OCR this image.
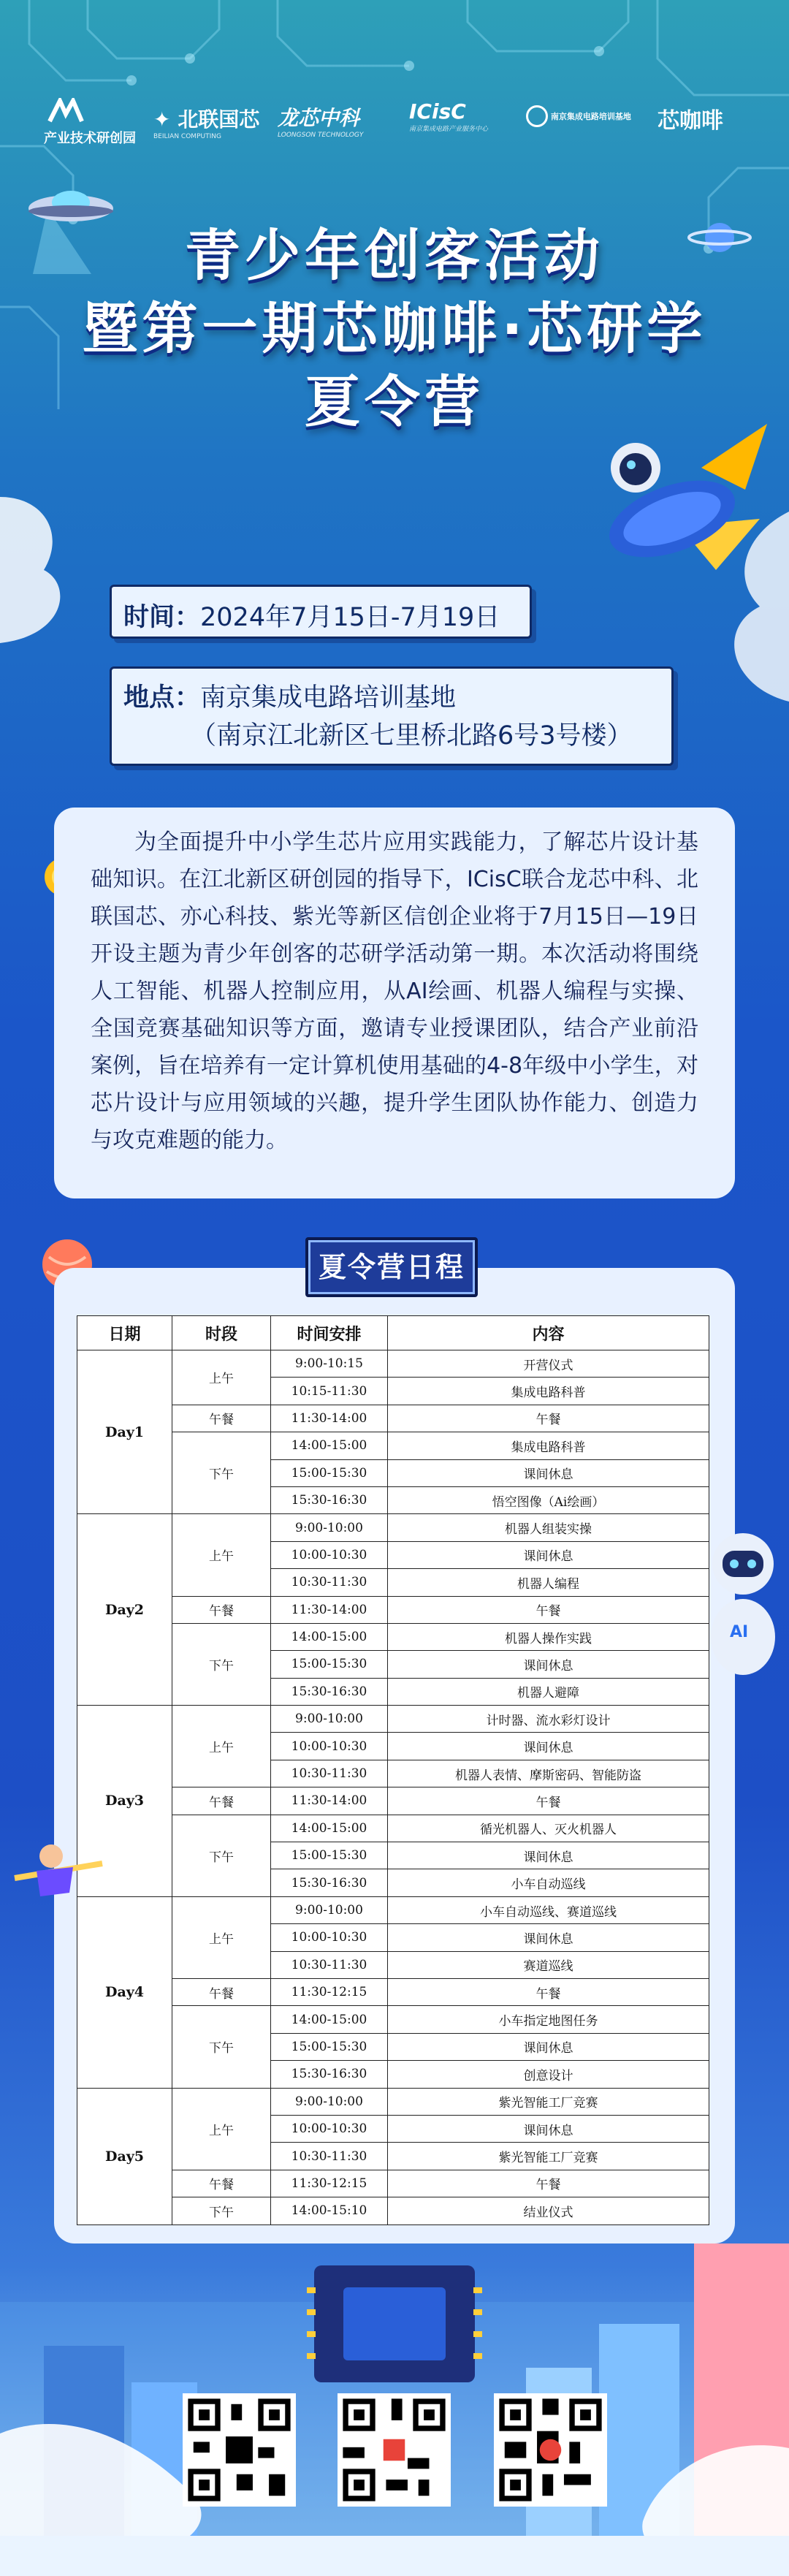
产业技术研创园
✦ 北联国芯
BEILIAN COMPUTING
龙芯中科
LOONGSON TECHNOLOGY
ICisC
南京集成电路产业服务中心
南京集成电路培训基地 芯咖啡
青少年创客活动
暨第一期芯咖啡·芯研学
夏令营
时间：2024年7月15日-7月19日
地点：南京集成电路培训基地
（南京江北新区七里桥北路6号3号楼）

为全面提升中小学生芯片应用实践能力，了解芯片设计基础知识。在江北新区研创园的指导下，ICisC联合龙芯中科、北联国芯、亦心科技、紫光等新区信创企业将于7月15日—19日开设主题为青少年创客的芯研学活动第一期。本次活动将围绕人工智能、机器人控制应用，从AI绘画、机器人编程与实操、全国竞赛基础知识等方面，邀请专业授课团队，结合产业前沿案例，旨在培养有一定计算机使用基础的4-8年级中小学生，对芯片设计与应用领域的兴趣，提升学生团队协作能力、创造力与攻克难题的能力。

夏令营日程
日期	时段	时间安排	内容
Day1	上午	9:00-10:15	开营仪式
		10:15-11:30	集成电路科普
	午餐	11:30-14:00	午餐
	下午	14:00-15:00	集成电路科普
		15:00-15:30	课间休息
		15:30-16:30	悟空图像（Ai绘画）
Day2	上午	9:00-10:00	机器人组装实操
		10:00-10:30	课间休息
		10:30-11:30	机器人编程
	午餐	11:30-14:00	午餐
	下午	14:00-15:00	机器人操作实践
		15:00-15:30	课间休息
		15:30-16:30	机器人避障
Day3	上午	9:00-10:00	计时器、流水彩灯设计
		10:00-10:30	课间休息
		10:30-11:30	机器人表情、摩斯密码、智能防盗
	午餐	11:30-14:00	午餐
	下午	14:00-15:00	循光机器人、灭火机器人
		15:00-15:30	课间休息
		15:30-16:30	小车自动巡线
Day4	上午	9:00-10:00	小车自动巡线、赛道巡线
		10:00-10:30	课间休息
		10:30-11:30	赛道巡线
	午餐	11:30-12:15	午餐
	下午	14:00-15:00	小车指定地图任务
		15:00-15:30	课间休息
		15:30-16:30	创意设计
Day5	上午	9:00-10:00	紫光智能工厂竞赛
		10:00-10:30	课间休息
		10:30-11:30	紫光智能工厂竞赛
	午餐	11:30-12:15	午餐
	下午	14:00-15:10	结业仪式
AI
